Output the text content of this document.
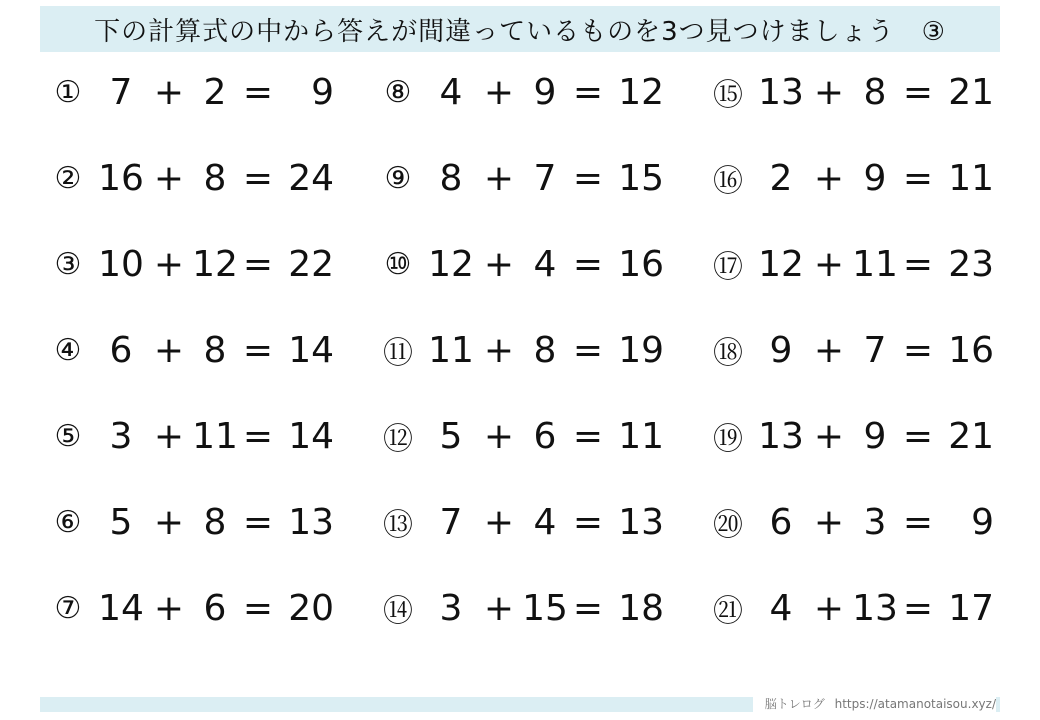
下の計算式の中から答えが間違っているものを3つ見つけましょう　③
① 7 + 2 =	9
② 16 + 8 = 24
③ 10 + 12 = 22
④ 6 + 8 = 14
⑤ 3 + 11 = 14
⑥ 5 + 8 = 13
⑦ 14 + 6 = 20
⑧ 4 + 9 = 12
⑨ 8 + 7 = 15
⑩ 12 + 4 = 16
⑪ 11 + 8 = 19
⑫ 5 + 6 = 11
⑬ 7 + 4 = 13
⑭ 3 + 15 = 18
⑮ 13 + 8 = 21
⑯ 2 + 9 = 11
⑰ 12 + 11 = 23
⑱ 9 + 7 = 16
⑲ 13 + 9 = 21
⑳ 6 + 3 =	9
㉑ 4 + 13 = 17
脳トレログ https://atamanotaisou.xyz/
